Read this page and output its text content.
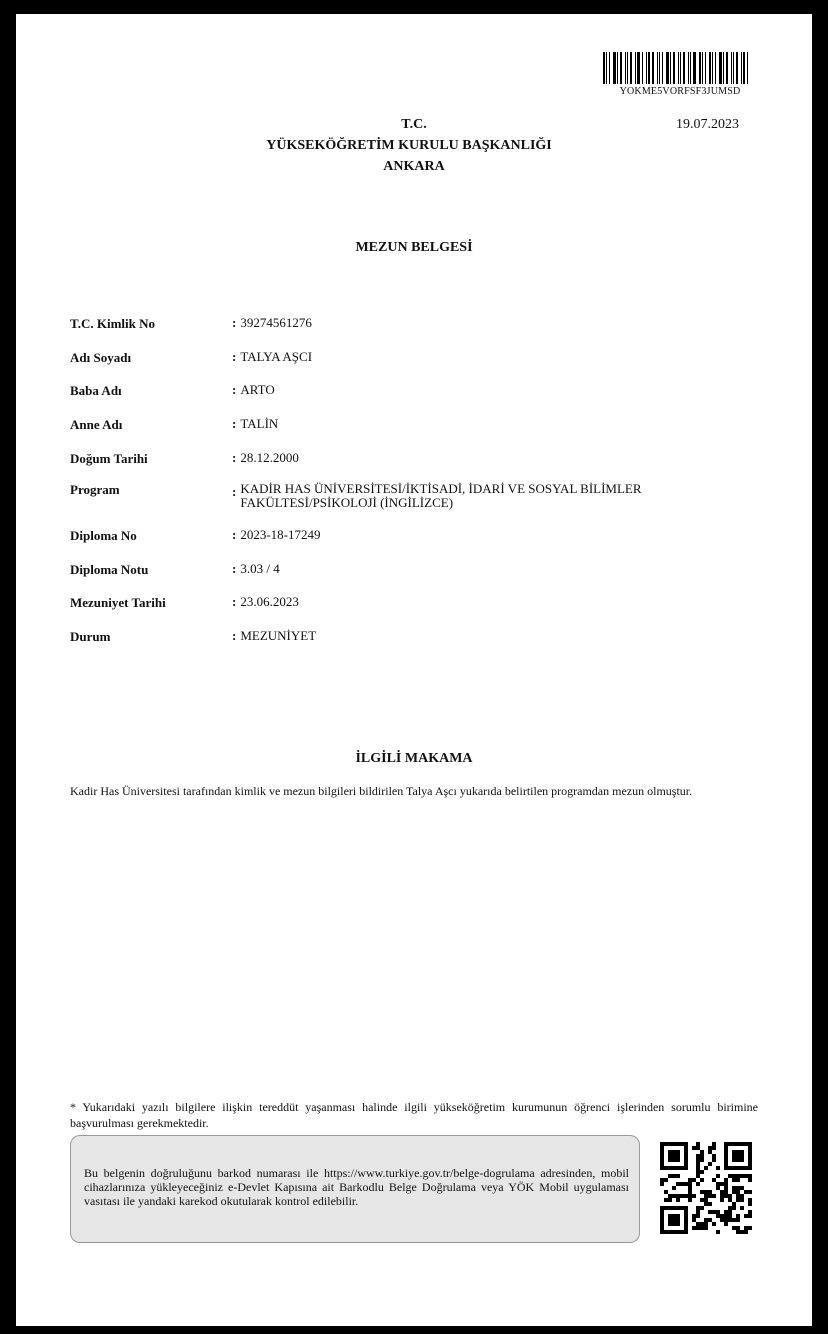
YOKME5VORFSF3JUMSD
19.07.2023
T.C.
YÜKSEKÖĞRETİM KURULU BAŞKANLIĞI
ANKARA
MEZUN BELGESİ
T.C. Kimlik No	: 39274561276
Adı Soyadı	: TALYA AŞCI
Baba Adı	: ARTO
Anne Adı	: TALİN
Doğum Tarihi	: 28.12.2000
Program	: KADİR HAS ÜNİVERSİTESİ/İKTİSADİ, İDARİ VE SOSYAL BİLİMLER FAKÜLTESİ/PSİKOLOJİ (İNGİLİZCE)
Diploma No	: 2023-18-17249
Diploma Notu	: 3.03 / 4
Mezuniyet Tarihi	: 23.06.2023
Durum	: MEZUNİYET
İLGİLİ MAKAMA
Kadir Has Üniversitesi tarafından kimlik ve mezun bilgileri bildirilen Talya Aşcı yukarıda belirtilen programdan mezun olmuştur.
* Yukarıdaki yazılı bilgilere ilişkin tereddüt yaşanması halinde ilgili yükseköğretim kurumunun öğrenci işlerinden sorumlu birimine başvurulması gerekmektedir.
Bu belgenin doğruluğunu barkod numarası ile https://www.turkiye.gov.tr/belge-dogrulama adresinden, mobil cihazlarınıza yükleyeceğiniz e-Devlet Kapısına ait Barkodlu Belge Doğrulama veya YÖK Mobil uygulaması vasıtası ile yandaki karekod okutularak kontrol edilebilir.
